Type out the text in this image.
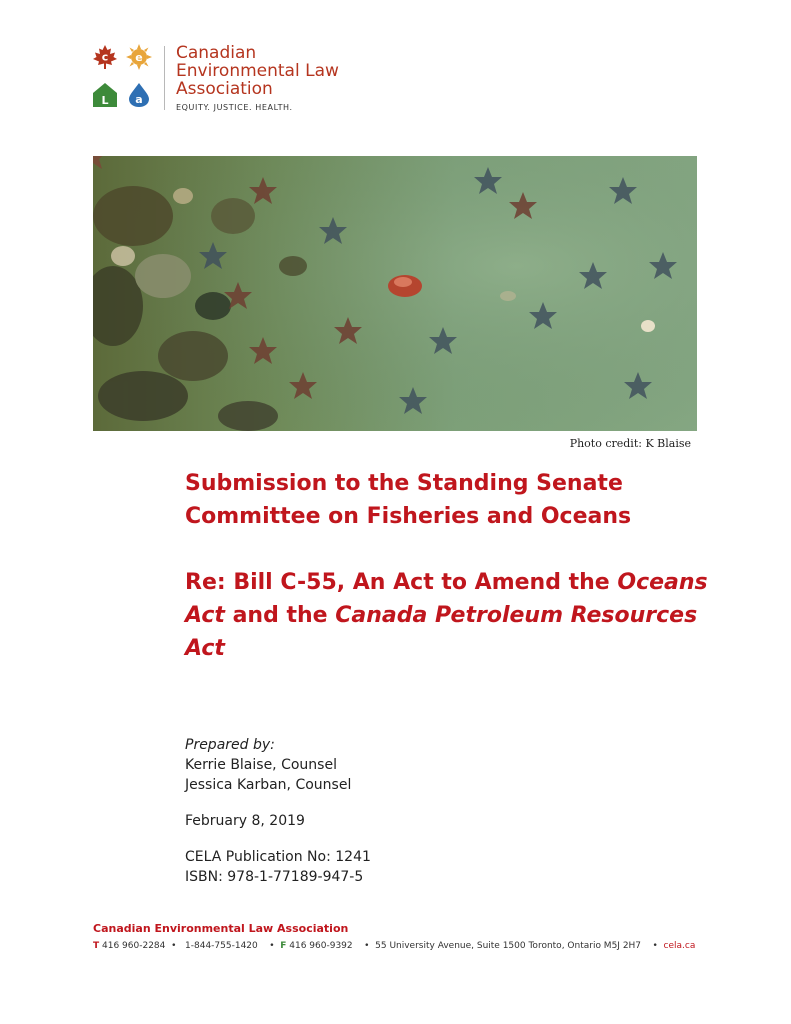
c e
L a
Canadian
Environmental Law
Association
EQUITY. JUSTICE. HEALTH.
Photo credit: K Blaise

Submission to the Standing Senate

Committee on Fisheries and Oceans

Re: Bill C-55, An Act to Amend the Oceans

Act and the Canada Petroleum Resources

Act

Prepared by:

Kerrie Blaise, Counsel

Jessica Karban, Counsel

February 8, 2019

CELA Publication No: 1241

ISBN: 978-1-77189-947-5

Canadian Environmental Law Association
T 416 960-2284  •   1-844-755-1420    •  F 416 960-9392    •  55 University Avenue, Suite 1500 Toronto, Ontario M5J 2H7    •  cela.ca
